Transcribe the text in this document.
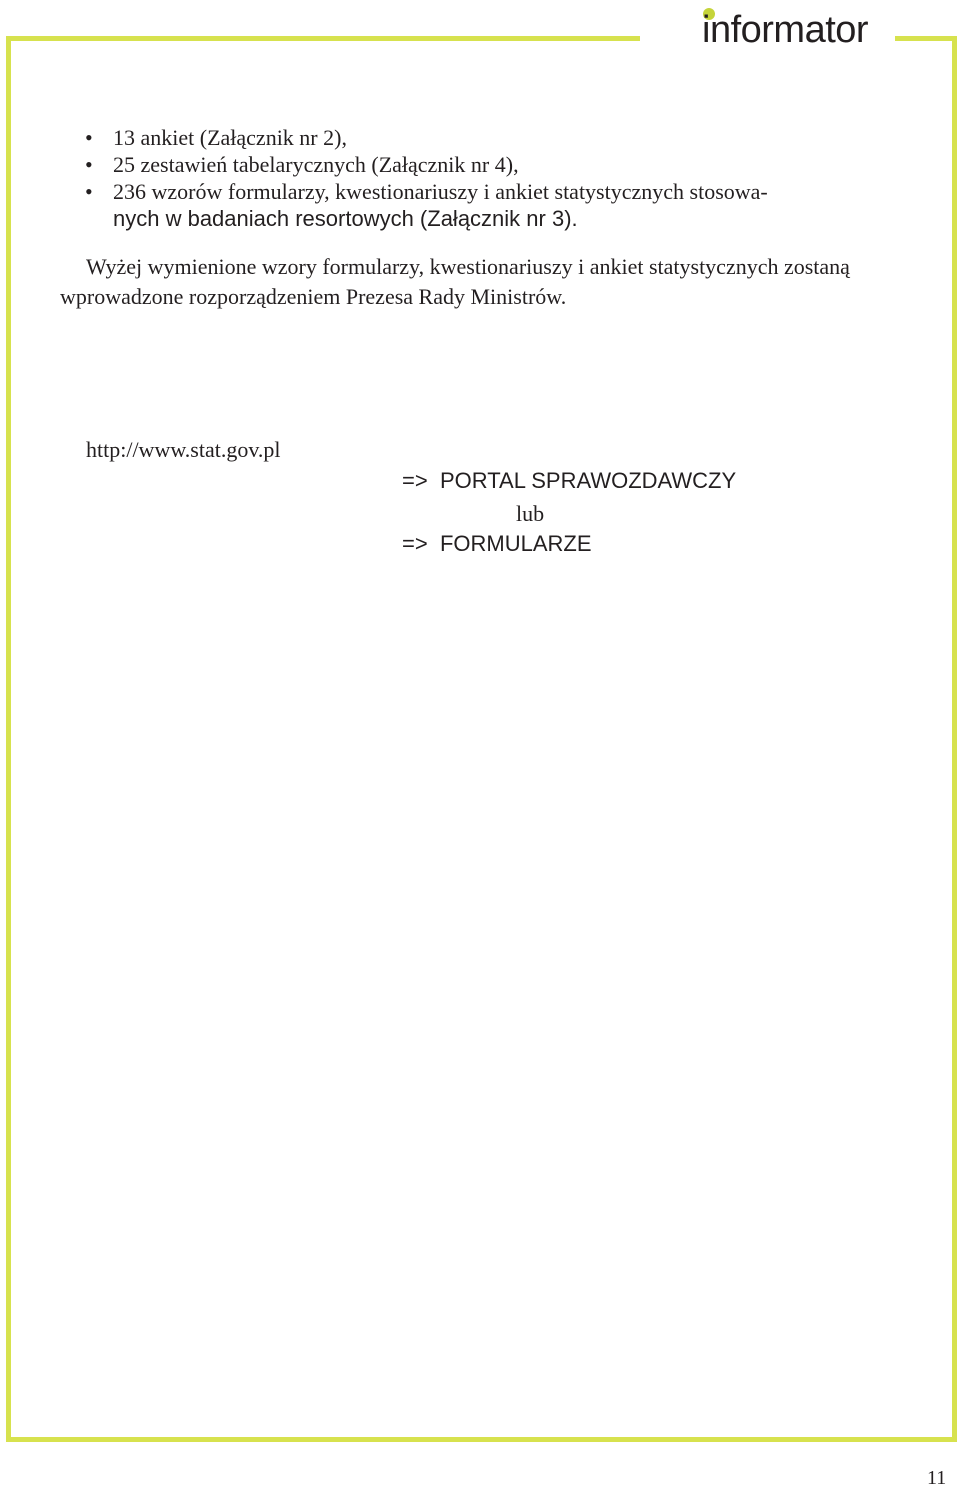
informator
• 13 ankiet (Załącznik nr 2),
• 25 zestawień tabelarycznych (Załącznik nr 4),
• 236 wzorów formularzy, kwestionariuszy i ankiet statystycznych stosowa-
nych w badaniach resortowych (Załącznik nr 3).

Wyżej wymienione wzory formularzy, kwestionariuszy i ankiet statystycznych zostaną wprowadzone rozporządzeniem Prezesa Rady Ministrów.

http://www.stat.gov.pl
=> PORTAL SPRAWOZDAWCZY
lub
=> FORMULARZE
11
